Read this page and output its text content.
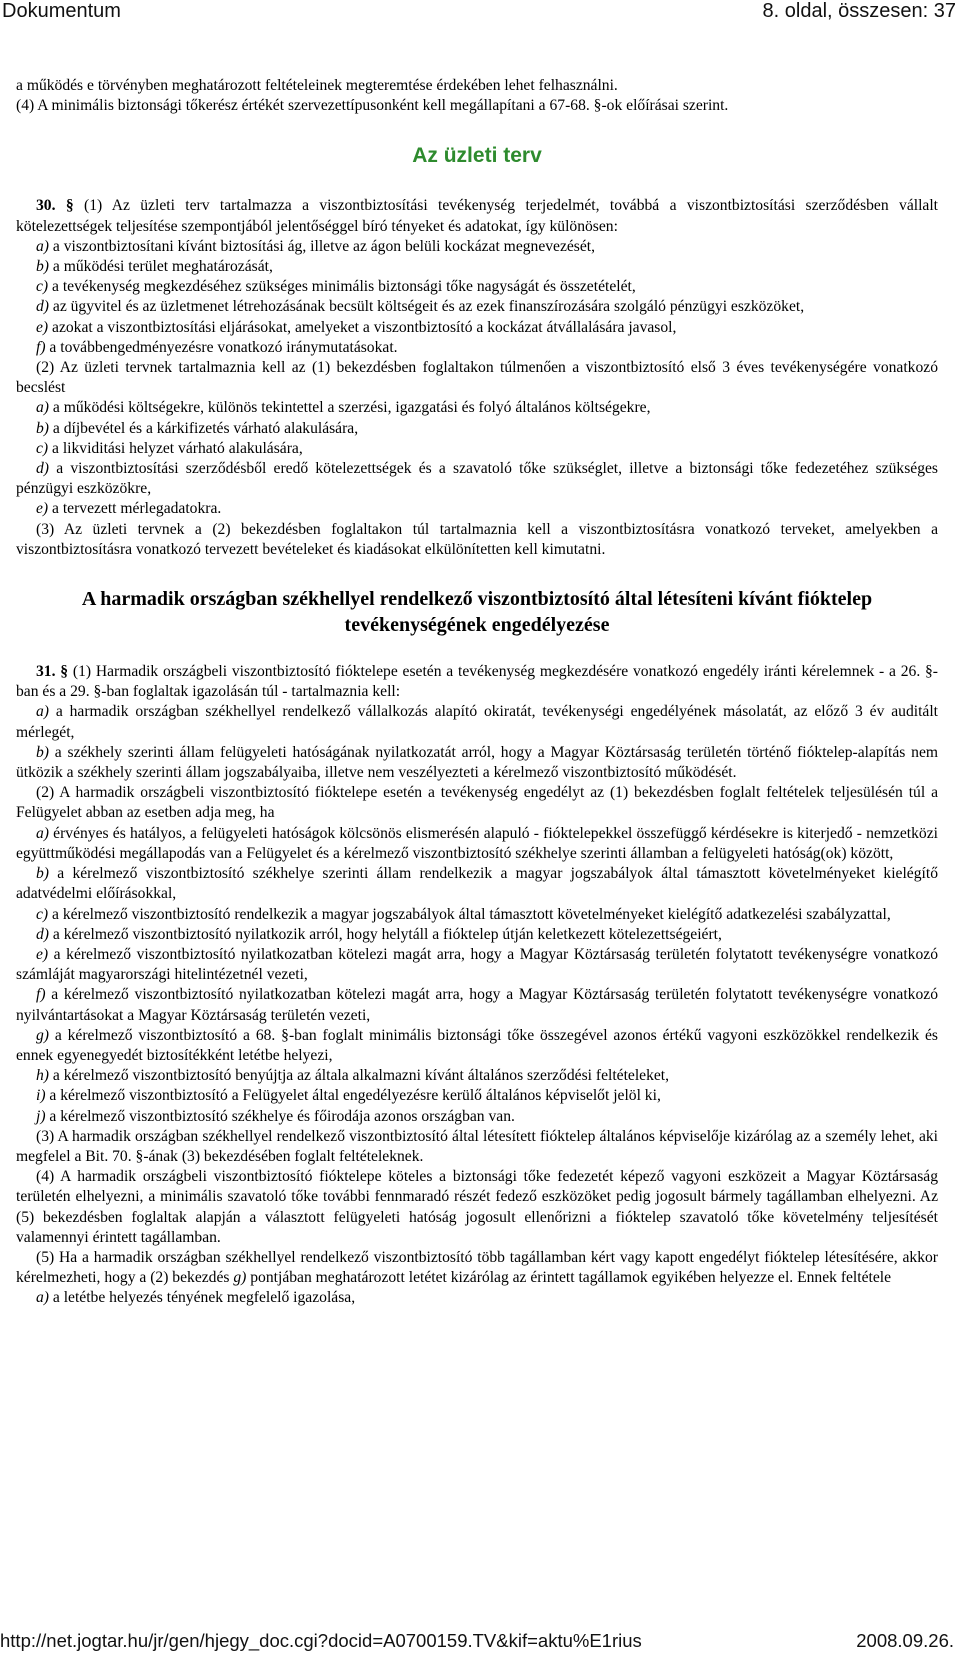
Dokumentum	8. oldal, összesen: 37

a működés e törvényben meghatározott feltételeinek megteremtése érdekében lehet felhasználni.

(4) A minimális biztonsági tőkerész értékét szervezettípusonként kell megállapítani a 67-68. §-ok előírásai szerint.

Az üzleti terv

30. § (1) Az üzleti terv tartalmazza a viszontbiztosítási tevékenység terjedelmét, továbbá a viszontbiztosítási szerződésben vállalt kötelezettségek teljesítése szempontjából jelentőséggel bíró tényeket és adatokat, így különösen:

a) a viszontbiztosítani kívánt biztosítási ág, illetve az ágon belüli kockázat megnevezését,

b) a működési terület meghatározását,

c) a tevékenység megkezdéséhez szükséges minimális biztonsági tőke nagyságát és összetételét,

d) az ügyvitel és az üzletmenet létrehozásának becsült költségeit és az ezek finanszírozására szolgáló pénzügyi eszközöket,

e) azokat a viszontbiztosítási eljárásokat, amelyeket a viszontbiztosító a kockázat átvállalására javasol,

f) a továbbengedményezésre vonatkozó iránymutatásokat.

(2) Az üzleti tervnek tartalmaznia kell az (1) bekezdésben foglaltakon túlmenően a viszontbiztosító első 3 éves tevékenységére vonatkozó becslést

a) a működési költségekre, különös tekintettel a szerzési, igazgatási és folyó általános költségekre,

b) a díjbevétel és a kárkifizetés várható alakulására,

c) a likviditási helyzet várható alakulására,

d) a viszontbiztosítási szerződésből eredő kötelezettségek és a szavatoló tőke szükséglet, illetve a biztonsági tőke fedezetéhez szükséges pénzügyi eszközökre,

e) a tervezett mérlegadatokra.

(3) Az üzleti tervnek a (2) bekezdésben foglaltakon túl tartalmaznia kell a viszontbiztosításra vonatkozó terveket, amelyekben a viszontbiztosításra vonatkozó tervezett bevételeket és kiadásokat elkülönítetten kell kimutatni.

A harmadik országban székhellyel rendelkező viszontbiztosító által létesíteni kívánt fióktelep tevékenységének engedélyezése

31. § (1) Harmadik országbeli viszontbiztosító fióktelepe esetén a tevékenység megkezdésére vonatkozó engedély iránti kérelemnek - a 26. §-ban és a 29. §-ban foglaltak igazolásán túl - tartalmaznia kell:

a) a harmadik országban székhellyel rendelkező vállalkozás alapító okiratát, tevékenységi engedélyének másolatát, az előző 3 év auditált mérlegét,

b) a székhely szerinti állam felügyeleti hatóságának nyilatkozatát arról, hogy a Magyar Köztársaság területén történő fióktelep-alapítás nem ütközik a székhely szerinti állam jogszabályaiba, illetve nem veszélyezteti a kérelmező viszontbiztosító működését.

(2) A harmadik országbeli viszontbiztosító fióktelepe esetén a tevékenység engedélyt az (1) bekezdésben foglalt feltételek teljesülésén túl a Felügyelet abban az esetben adja meg, ha

a) érvényes és hatályos, a felügyeleti hatóságok kölcsönös elismerésén alapuló - fióktelepekkel összefüggő kérdésekre is kiterjedő - nemzetközi együttműködési megállapodás van a Felügyelet és a kérelmező viszontbiztosító székhelye szerinti államban a felügyeleti hatóság(ok) között,

b) a kérelmező viszontbiztosító székhelye szerinti állam rendelkezik a magyar jogszabályok által támasztott követelményeket kielégítő adatvédelmi előírásokkal,

c) a kérelmező viszontbiztosító rendelkezik a magyar jogszabályok által támasztott követelményeket kielégítő adatkezelési szabályzattal,

d) a kérelmező viszontbiztosító nyilatkozik arról, hogy helytáll a fióktelep útján keletkezett kötelezettségeiért,

e) a kérelmező viszontbiztosító nyilatkozatban kötelezi magát arra, hogy a Magyar Köztársaság területén folytatott tevékenységre vonatkozó számláját magyarországi hitelintézetnél vezeti,

f) a kérelmező viszontbiztosító nyilatkozatban kötelezi magát arra, hogy a Magyar Köztársaság területén folytatott tevékenységre vonatkozó nyilvántartásokat a Magyar Köztársaság területén vezeti,

g) a kérelmező viszontbiztosító a 68. §-ban foglalt minimális biztonsági tőke összegével azonos értékű vagyoni eszközökkel rendelkezik és ennek egyenegyedét biztosítékként letétbe helyezi,

h) a kérelmező viszontbiztosító benyújtja az általa alkalmazni kívánt általános szerződési feltételeket,

i) a kérelmező viszontbiztosító a Felügyelet által engedélyezésre kerülő általános képviselőt jelöl ki,

j) a kérelmező viszontbiztosító székhelye és főirodája azonos országban van.

(3) A harmadik országban székhellyel rendelkező viszontbiztosító által létesített fióktelep általános képviselője kizárólag az a személy lehet, aki megfelel a Bit. 70. §-ának (3) bekezdésében foglalt feltételeknek.

(4) A harmadik országbeli viszontbiztosító fióktelepe köteles a biztonsági tőke fedezetét képező vagyoni eszközeit a Magyar Köztársaság területén elhelyezni, a minimális szavatoló tőke további fennmaradó részét fedező eszközöket pedig jogosult bármely tagállamban elhelyezni. Az (5) bekezdésben foglaltak alapján a választott felügyeleti hatóság jogosult ellenőrizni a fióktelep szavatoló tőke követelmény teljesítését valamennyi érintett tagállamban.

(5) Ha a harmadik országban székhellyel rendelkező viszontbiztosító több tagállamban kért vagy kapott engedélyt fióktelep létesítésére, akkor kérelmezheti, hogy a (2) bekezdés g) pontjában meghatározott letétet kizárólag az érintett tagállamok egyikében helyezze el. Ennek feltétele

a) a letétbe helyezés tényének megfelelő igazolása,

http://net.jogtar.hu/jr/gen/hjegy_doc.cgi?docid=A0700159.TV&kif=aktu%E1rius	2008.09.26.
